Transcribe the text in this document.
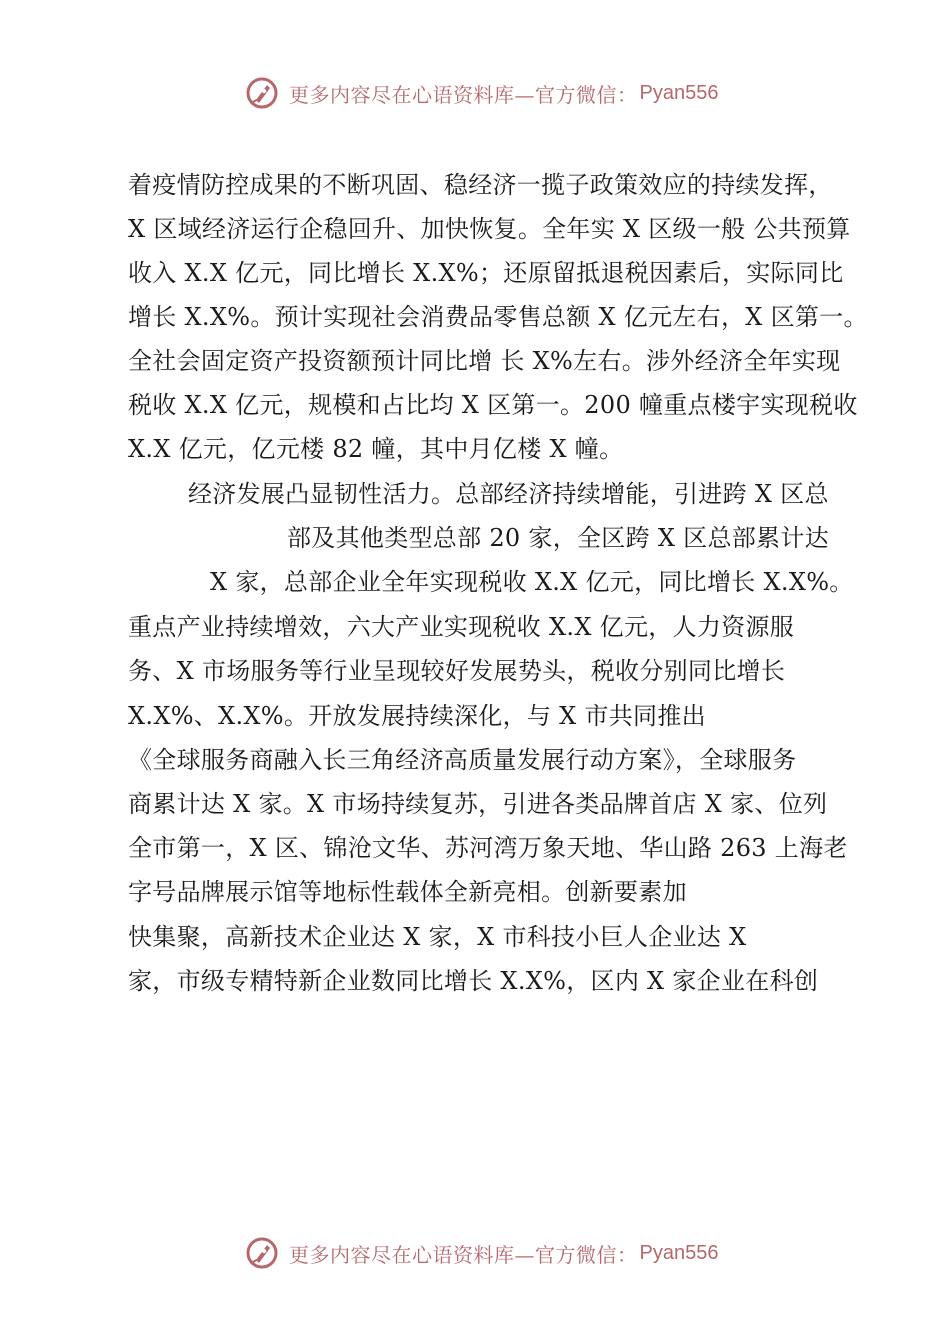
更多内容尽在心语资料库—官方微信： Pyan556
着疫情防控成果的不断巩固、稳经济一揽子政策效应的持续发挥，
X 区域经济运行企稳回升、加快恢复。全年实 X 区级一般 公共预算
收入 X.X 亿元，同比增长 X.X%；还原留抵退税因素后，实际同比
增长 X.X%。预计实现社会消费品零售总额 X 亿元左右，X 区第一。
全社会固定资产投资额预计同比增 长 X%左右。涉外经济全年实现
税收 X.X 亿元，规模和占比均 X 区第一。200 幢重点楼宇实现税收
X.X 亿元，亿元楼 82 幢，其中月亿楼 X 幢。
经济发展凸显韧性活力。总部经济持续增能，引进跨 X 区总
部及其他类型总部 20 家，全区跨 X 区总部累计达
X 家，总部企业全年实现税收 X.X 亿元，同比增长 X.X%。
重点产业持续增效，六大产业实现税收 X.X 亿元，人力资源服
务、X 市场服务等行业呈现较好发展势头，税收分别同比增长
X.X%、X.X%。开放发展持续深化，与 X 市共同推出
《全球服务商融入长三角经济高质量发展行动方案》，全球服务
商累计达 X 家。X 市场持续复苏，引进各类品牌首店 X 家、位列
全市第一，X 区、锦沧文华、苏河湾万象天地、华山路 263 上海老
字号品牌展示馆等地标性载体全新亮相。创新要素加
快集聚，高新技术企业达 X 家，X 市科技小巨人企业达 X
家，市级专精特新企业数同比增长 X.X%，区内 X 家企业在科创
更多内容尽在心语资料库—官方微信： Pyan556
